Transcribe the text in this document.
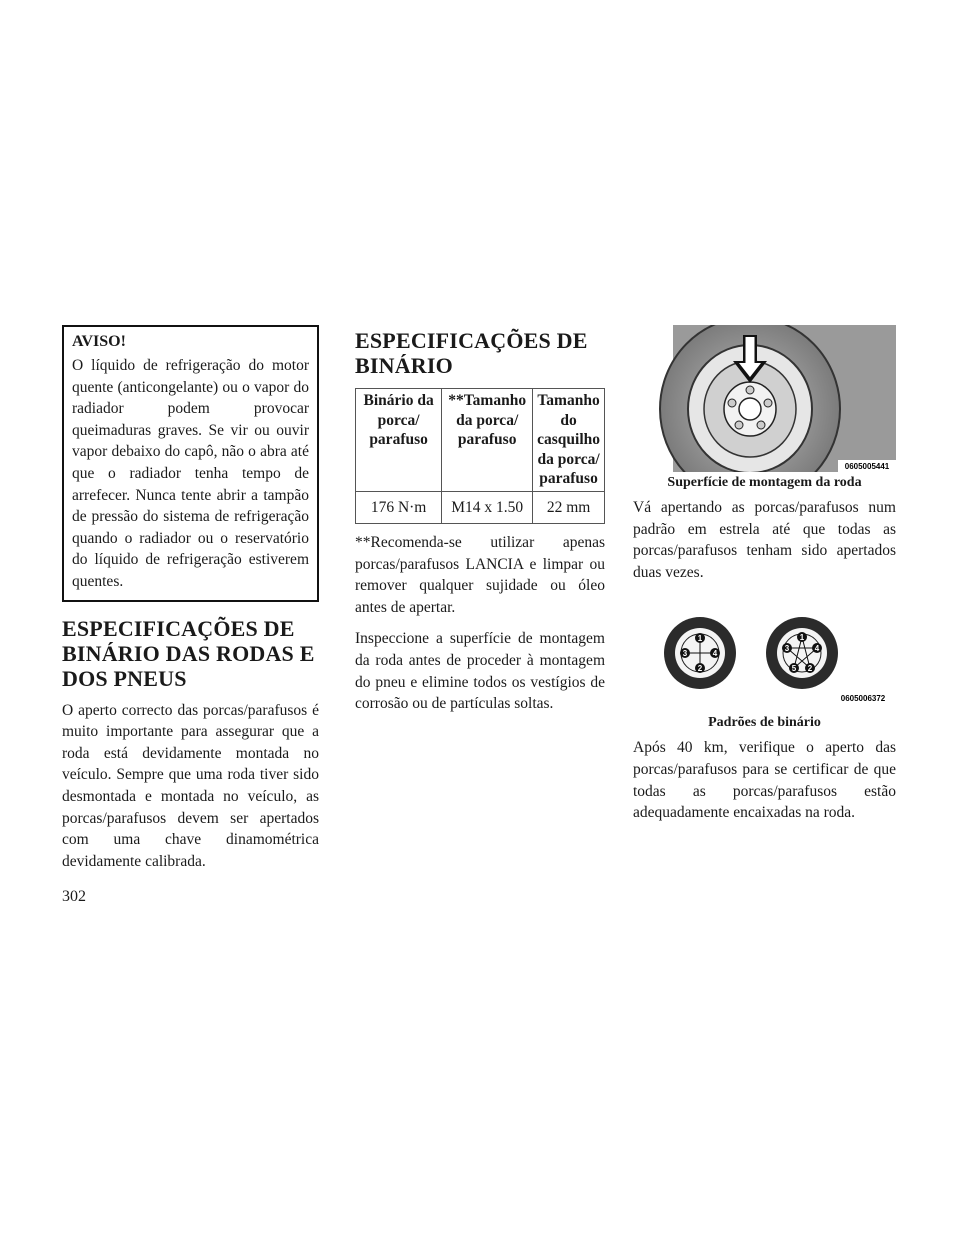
AVISO!

O líquido de refrigeração do motor quente (anticongelante) ou o vapor do radiador podem provocar queimaduras graves. Se vir ou ouvir vapor debaixo do capô, não o abra até que o radiador tenha tempo de arrefecer. Nunca tente abrir a tampão de pressão do sistema de refrigeração quando o radiador ou o reservatório do líquido de refrigeração estiverem quentes.

ESPECIFICAÇÕES DE BINÁRIO DAS RODAS E DOS PNEUS

O aperto correcto das porcas/parafusos é muito importante para assegurar que a roda está devidamente montada no veículo. Sempre que uma roda tiver sido desmontada e montada no veículo, as porcas/parafusos devem ser apertados com uma chave dinamométrica devidamente calibrada.

ESPECIFICAÇÕES DE BINÁRIO
Binário da porca/ parafuso	**Tamanho da porca/ parafuso	Tamanho do casquilho da porca/ parafuso
176 N·m	M14 x 1.50	22 mm

**Recomenda-se utilizar apenas porcas/parafusos LANCIA e limpar ou remover qualquer sujidade ou óleo antes de apertar.

Inspeccione a superfície de montagem da roda antes de proceder à montagem do pneu e elimine todos os vestígios de corrosão ou de partículas soltas.

0605005441
Superfície de montagem da roda

Vá apertando as porcas/parafusos num padrão em estrela até que todas as porcas/parafusos tenham sido apertados duas vezes.

1
2
3	4
1
2
3	4
5
0605006372
Padrões de binário

Após 40 km, verifique o aperto das porcas/parafusos para se certificar de que todas as porcas/parafusos estão adequadamente encaixadas na roda.

302
